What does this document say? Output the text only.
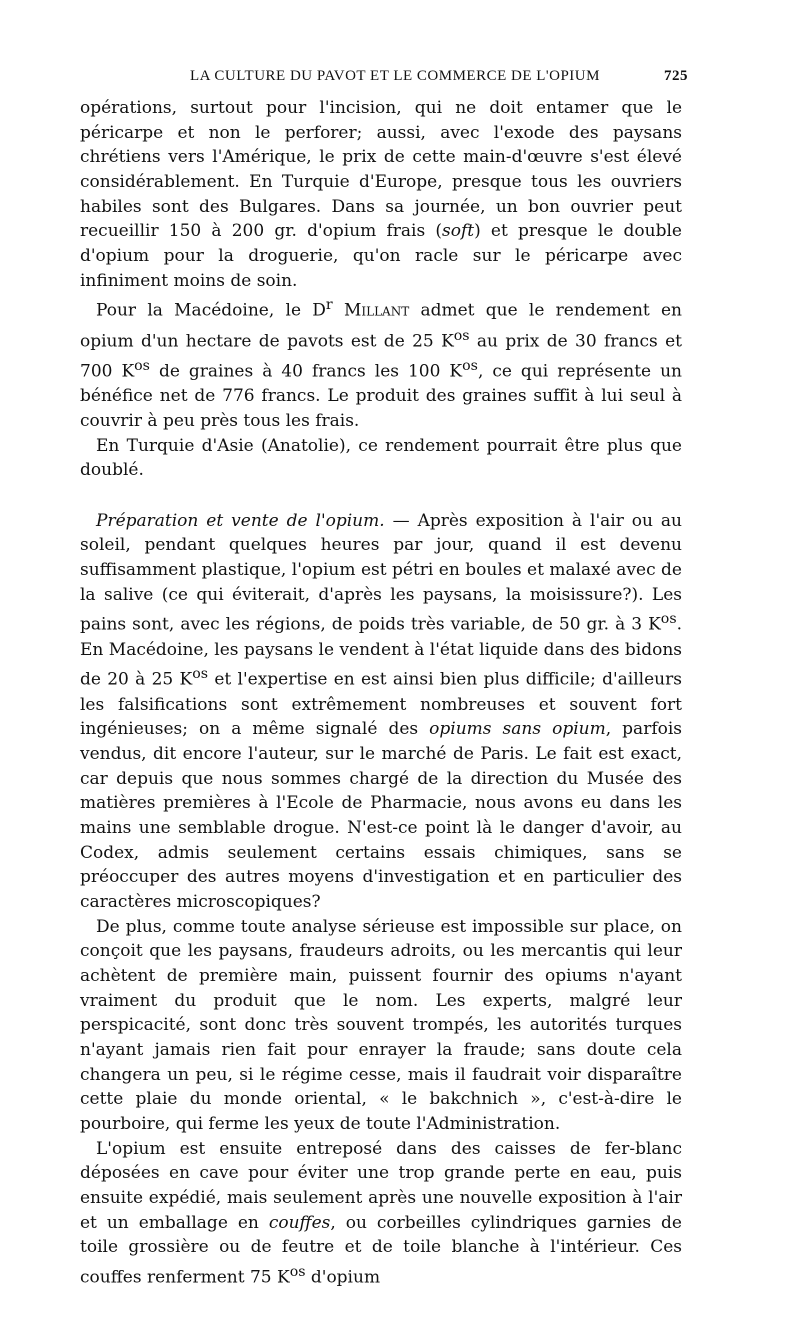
LA CULTURE DU PAVOT ET LE COMMERCE DE L'OPIUM	725

opérations, surtout pour l'incision, qui ne doit entamer que le péricarpe et non le perforer; aussi, avec l'exode des paysans chrétiens vers l'Amérique, le prix de cette main-d'œuvre s'est élevé considérablement. En Turquie d'Europe, presque tous les ouvriers habiles sont des Bulgares. Dans sa journée, un bon ouvrier peut recueillir 150 à 200 gr. d'opium frais (soft) et presque le double d'opium pour la droguerie, qu'on racle sur le péricarpe avec infiniment moins de soin.

Pour la Macédoine, le $D^r$ Millant admet que le rendement en opium d'un hectare de pavots est de 25 $K^{os}$ au prix de 30 francs et 700 $K^{os}$ de graines à 40 francs les 100 $K^{os}$, ce qui représente un bénéfice net de 776 francs. Le produit des graines suffit à lui seul à couvrir à peu près tous les frais.

En Turquie d'Asie (Anatolie), ce rendement pourrait être plus que doublé.

Préparation et vente de l'opium. — Après exposition à l'air ou au soleil, pendant quelques heures par jour, quand il est devenu suffisamment plastique, l'opium est pétri en boules et malaxé avec de la salive (ce qui éviterait, d'après les paysans, la moisissure?). Les pains sont, avec les régions, de poids très variable, de 50 gr. à 3 $K^{os}$. En Macédoine, les paysans le vendent à l'état liquide dans des bidons de 20 à 25 $K^{os}$ et l'expertise en est ainsi bien plus difficile; d'ailleurs les falsifications sont extrêmement nombreuses et souvent fort ingénieuses; on a même signalé des opiums sans opium, parfois vendus, dit encore l'auteur, sur le marché de Paris. Le fait est exact, car depuis que nous sommes chargé de la direction du Musée des matières premières à l'Ecole de Pharmacie, nous avons eu dans les mains une semblable drogue. N'est-ce point là le danger d'avoir, au Codex, admis seulement certains essais chimiques, sans se préoccuper des autres moyens d'investigation et en particulier des caractères microscopiques?

De plus, comme toute analyse sérieuse est impossible sur place, on conçoit que les paysans, fraudeurs adroits, ou les mercantis qui leur achètent de première main, puissent fournir des opiums n'ayant vraiment du produit que le nom. Les experts, malgré leur perspicacité, sont donc très souvent trompés, les autorités turques n'ayant jamais rien fait pour enrayer la fraude; sans doute cela changera un peu, si le régime cesse, mais il faudrait voir disparaître cette plaie du monde oriental, « le bakchnich », c'est-à-dire le pourboire, qui ferme les yeux de toute l'Administration.

L'opium est ensuite entreposé dans des caisses de fer-blanc déposées en cave pour éviter une trop grande perte en eau, puis ensuite expédié, mais seulement après une nouvelle exposition à l'air et un emballage en couffes, ou corbeilles cylindriques garnies de toile grossière ou de feutre et de toile blanche à l'intérieur. Ces couffes renferment 75 $K^{os}$ d'opium
